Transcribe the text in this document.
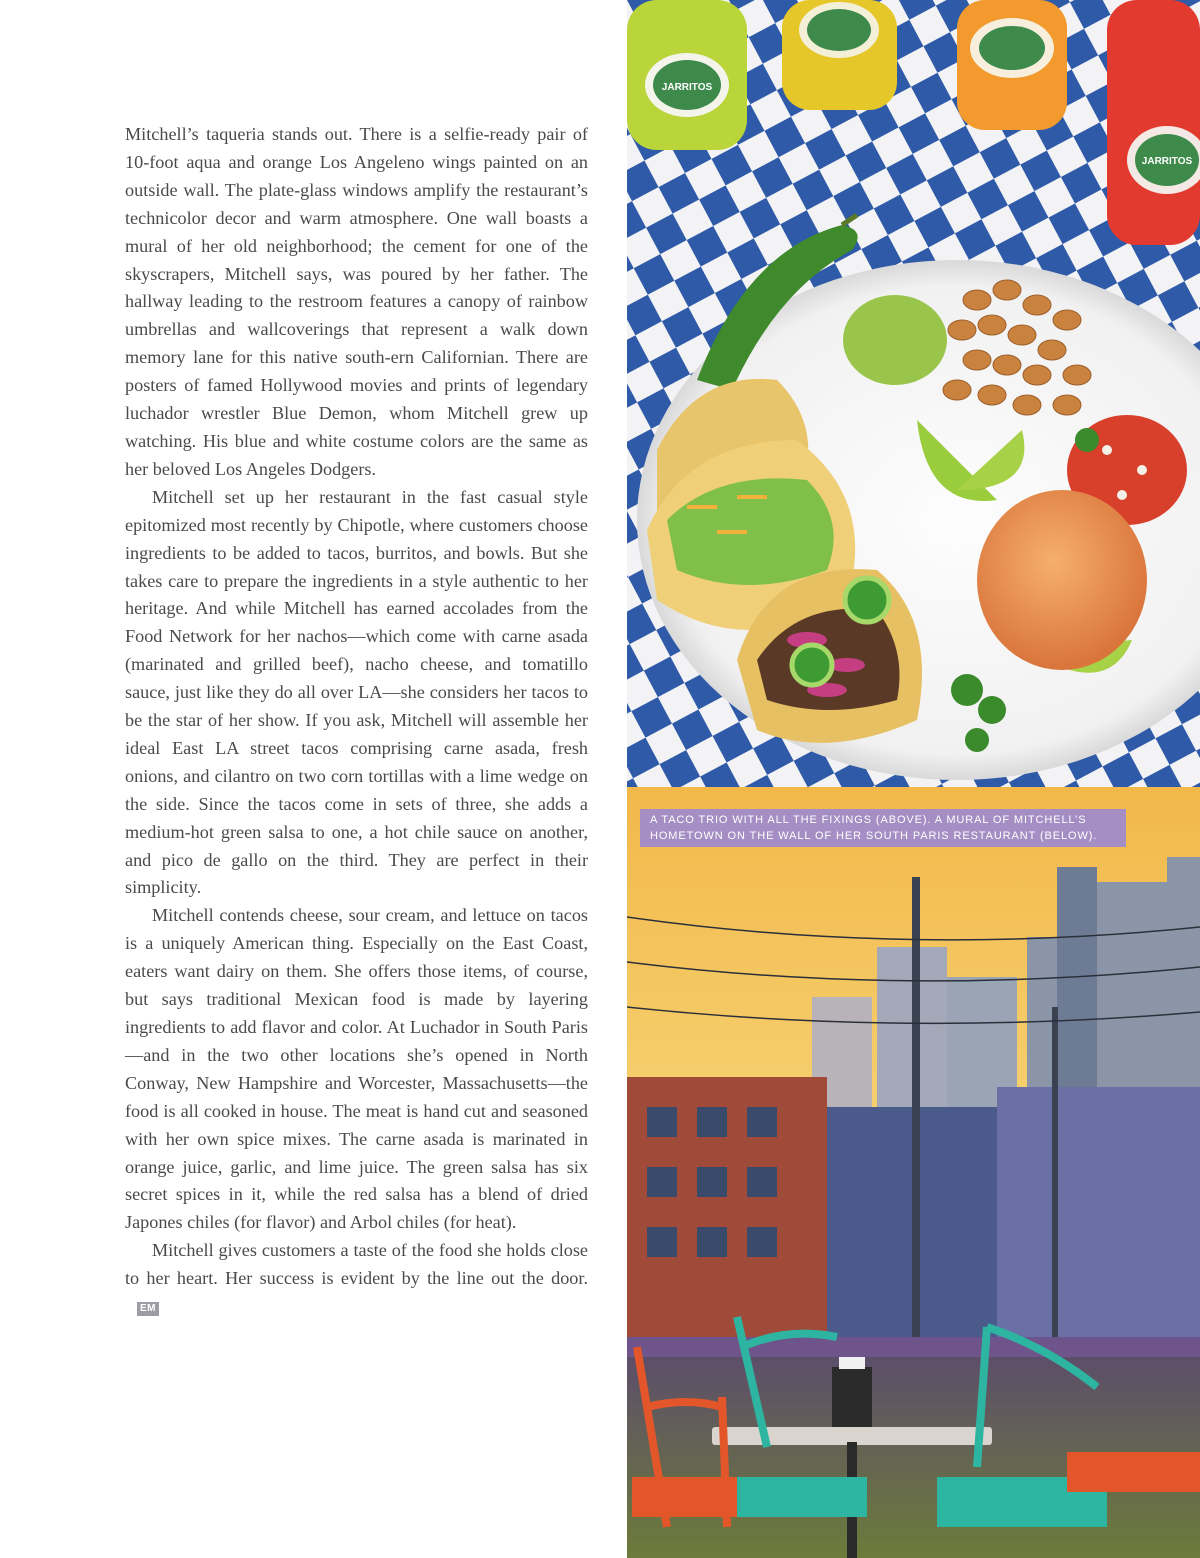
Mitchell’s taqueria stands out. There is a selfie-ready pair of 10-foot aqua and orange Los Angeleno wings painted on an outside wall. The plate-glass windows amplify the restaurant’s technicolor decor and warm atmosphere. One wall boasts a mural of her old neighborhood; the cement for one of the skyscrapers, Mitchell says, was poured by her father. The hallway leading to the restroom features a canopy of rainbow umbrellas and wallcoverings that represent a walk down memory lane for this native south-ern Californian. There are posters of famed Hollywood movies and prints of legendary luchador wrestler Blue Demon, whom Mitchell grew up watching. His blue and white costume colors are the same as her beloved Los Angeles Dodgers.

Mitchell set up her restaurant in the fast casual style epitomized most recently by Chipotle, where customers choose ingredients to be added to tacos, burritos, and bowls. But she takes care to prepare the ingredients in a style authentic to her heritage. And while Mitchell has earned accolades from the Food Network for her nachos—which come with carne asada (marinated and grilled beef), nacho cheese, and tomatillo sauce, just like they do all over LA—she considers her tacos to be the star of her show. If you ask, Mitchell will assemble her ideal East LA street tacos comprising carne asada, fresh onions, and cilantro on two corn tortillas with a lime wedge on the side. Since the tacos come in sets of three, she adds a medium-hot green salsa to one, a hot chile sauce on another, and pico de gallo on the third. They are perfect in their simplicity.

Mitchell contends cheese, sour cream, and lettuce on tacos is a uniquely American thing. Especially on the East Coast, eaters want dairy on them. She offers those items, of course, but says traditional Mexican food is made by layering ingredients to add flavor and color. At Luchador in South Paris—and in the two other locations she’s opened in North Conway, New Hampshire and Worcester, Massachusetts—the food is all cooked in house. The meat is hand cut and seasoned with her own spice mixes. The carne asada is marinated in orange juice, garlic, and lime juice. The green salsa has six secret spices in it, while the red salsa has a blend of dried Japones chiles (for flavor) and Arbol chiles (for heat).

Mitchell gives customers a taste of the food she holds close to her heart. Her success is evident by the line out the door.EM

JARRITOS
JARRITOS
A TACO TRIO WITH ALL THE FIXINGS (ABOVE). A MURAL OF MITCHELL’S HOMETOWN ON THE WALL OF HER SOUTH PARIS RESTAURANT (BELOW).
